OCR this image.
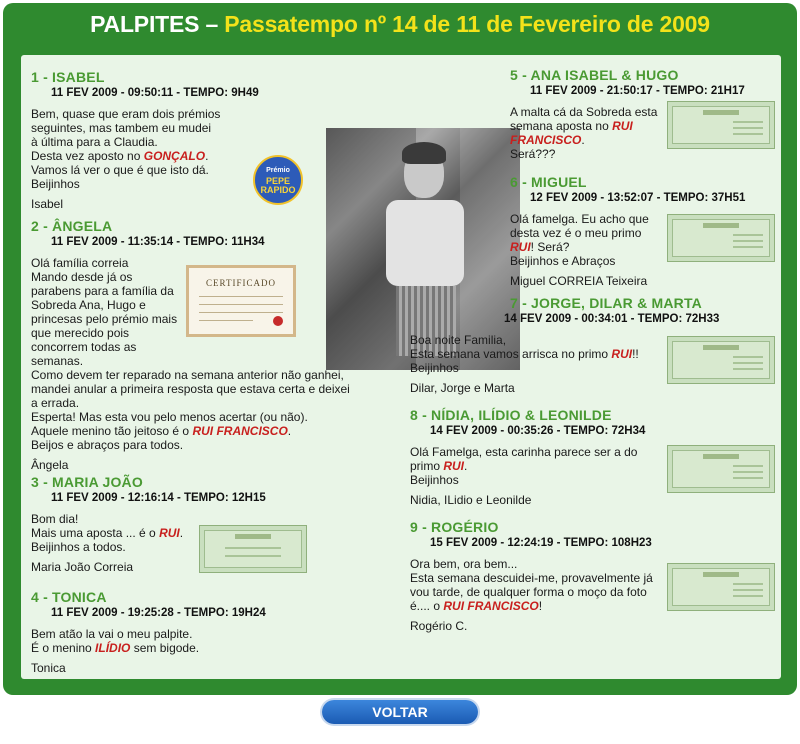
PALPITES – Passatempo nº 14 de 11 de Fevereiro de 2009
1 - ISABEL
11 FEV 2009 - 09:50:11 - TEMPO: 9H49

Bem, quase que eram dois prémios

seguintes, mas tambem eu mudei

à última para a Claudia.

Desta vez aposto no GONÇALO.

Vamos lá ver o que é que isto dá.

Beijinhos

Isabel

Prémio
PEPE RAPIDO
2 - ÂNGELA
11 FEV 2009 - 11:35:14 - TEMPO: 11H34

Olá família correia

Mando desde já os

parabens para a família da

Sobreda Ana, Hugo e

princesas pelo prémio mais

que merecido pois

concorrem todas as

semanas.

Como devem ter reparado na semana anterior não ganhei,

mandei anular a primeira resposta que estava certa e deixei

a errada.

Esperta! Mas esta vou pelo menos acertar (ou não).

Aquele menino tão jeitoso é o RUI FRANCISCO.

Beijos e abraços para todos.

Ângela

3 - MARIA JOÃO
11 FEV 2009 - 12:16:14 - TEMPO: 12H15

Bom dia!

Mais uma aposta ... é o RUI.

Beijinhos a todos.

Maria João Correia

4 - TONICA
11 FEV 2009 - 19:25:28 - TEMPO: 19H24

Bem atão la vai o meu palpite.

É o menino ILÍDIO sem bigode.

Tonica

5 - ANA ISABEL & HUGO
11 FEV 2009 - 21:50:17 - TEMPO: 21H17

A malta cá da Sobreda esta

semana aposta no RUI

FRANCISCO.

Será???

6 - MIGUEL
12 FEV 2009 - 13:52:07 - TEMPO: 37H51

Olá famelga. Eu acho que

desta vez é o meu primo

RUI! Será?

Beijinhos e Abraços

Miguel CORREIA Teixeira

7 - JORGE, DILAR & MARTA
14 FEV 2009 - 00:34:01 - TEMPO: 72H33

Boa noite Familia,

Esta semana vamos arrisca no primo RUI!!

Beijinhos

Dilar, Jorge e Marta

8 - NÍDIA, ILÍDIO & LEONILDE
14 FEV 2009 - 00:35:26 - TEMPO: 72H34

Olá Famelga, esta carinha parece ser a do

primo RUI.

Beijinhos

Nidia, ILidio e Leonilde

9 - ROGÉRIO
15 FEV 2009 - 12:24:19 - TEMPO: 108H23

Ora bem, ora bem...

Esta semana descuidei-me, provavelmente já

vou tarde, de qualquer forma o moço da foto

é.... o RUI FRANCISCO!

Rogério C.

CERTIFICADO
VOLTAR
